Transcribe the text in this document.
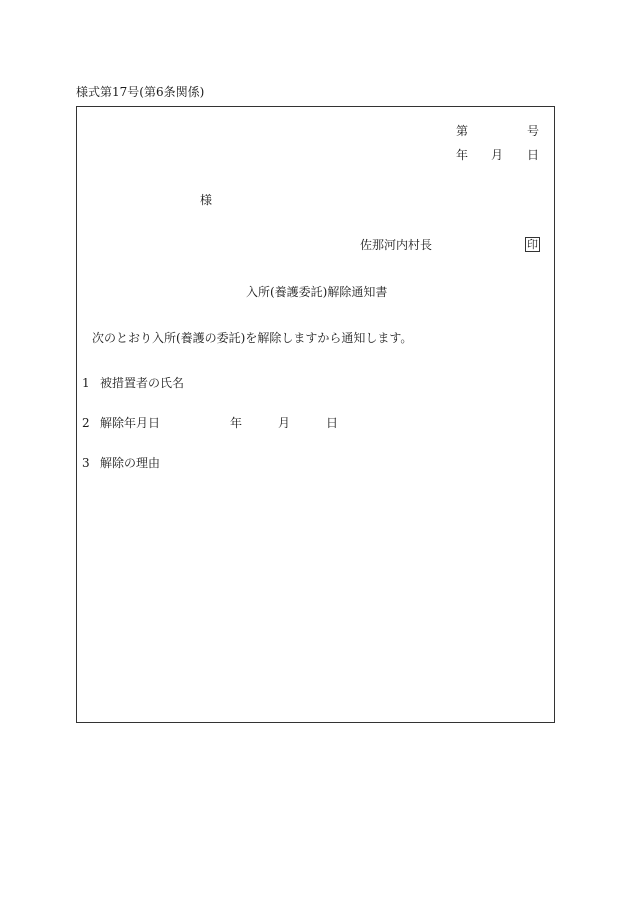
様式第17号(第6条関係)
第	号
年 月 日
様
佐那河内村長	印
入所(養護委託)解除通知書
次のとおり入所(養護の委託)を解除しますから通知します。
1 被措置者の氏名
2 解除年月日	年	月	日
3 解除の理由
